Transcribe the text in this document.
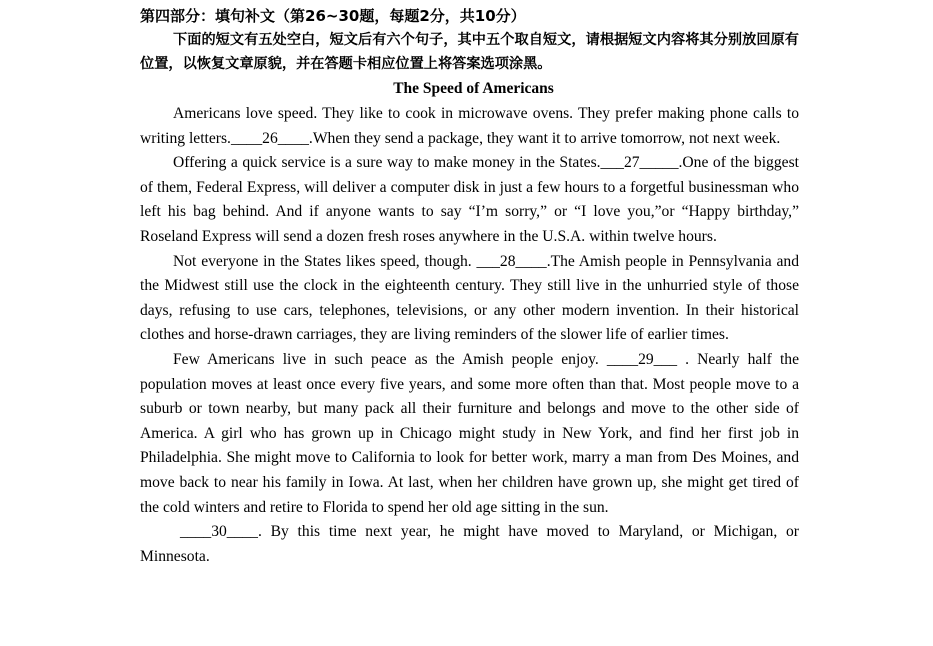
第四部分：填句补文（第26~30题，每题2分，共10分）

下面的短文有五处空白，短文后有六个句子，其中五个取自短文，请根据短文内容将其分别放回原有位置，以恢复文章原貌，并在答题卡相应位置上将答案选项涂黑。

The Speed of Americans

Americans love speed. They like to cook in microwave ovens. They prefer making phone calls to writing letters.____26____.When they send a package, they want it to arrive tomorrow, not next week.

Offering a quick service is a sure way to make money in the States.___27_____.One of the biggest of them, Federal Express, will deliver a computer disk in just a few hours to a forgetful businessman who left his bag behind. And if anyone wants to say “I’m sorry,” or “I love you,”or “Happy birthday,” Roseland Express will send a dozen fresh roses anywhere in the U.S.A. within twelve hours.

Not everyone in the States likes speed, though. ___28____.The Amish people in Pennsylvania and the Midwest still use the clock in the eighteenth century. They still live in the unhurried style of those days, refusing to use cars, telephones, televisions, or any other modern invention. In their historical clothes and horse-drawn carriages, they are living reminders of the slower life of earlier times.

Few Americans live in such peace as the Amish people enjoy. ____29___ . Nearly half the population moves at least once every five years, and some more often than that. Most people move to a suburb or town nearby, but many pack all their furniture and belongs and move to the other side of America. A girl who has grown up in Chicago might study in New York, and find her first job in Philadelphia. She might move to California to look for better work, marry a man from Des Moines, and move back to near his family in Iowa. At last, when her children have grown up, she might get tired of the cold winters and retire to Florida to spend her old age sitting in the sun.

____30____. By this time next year, he might have moved to Maryland, or Michigan, or Minnesota.
